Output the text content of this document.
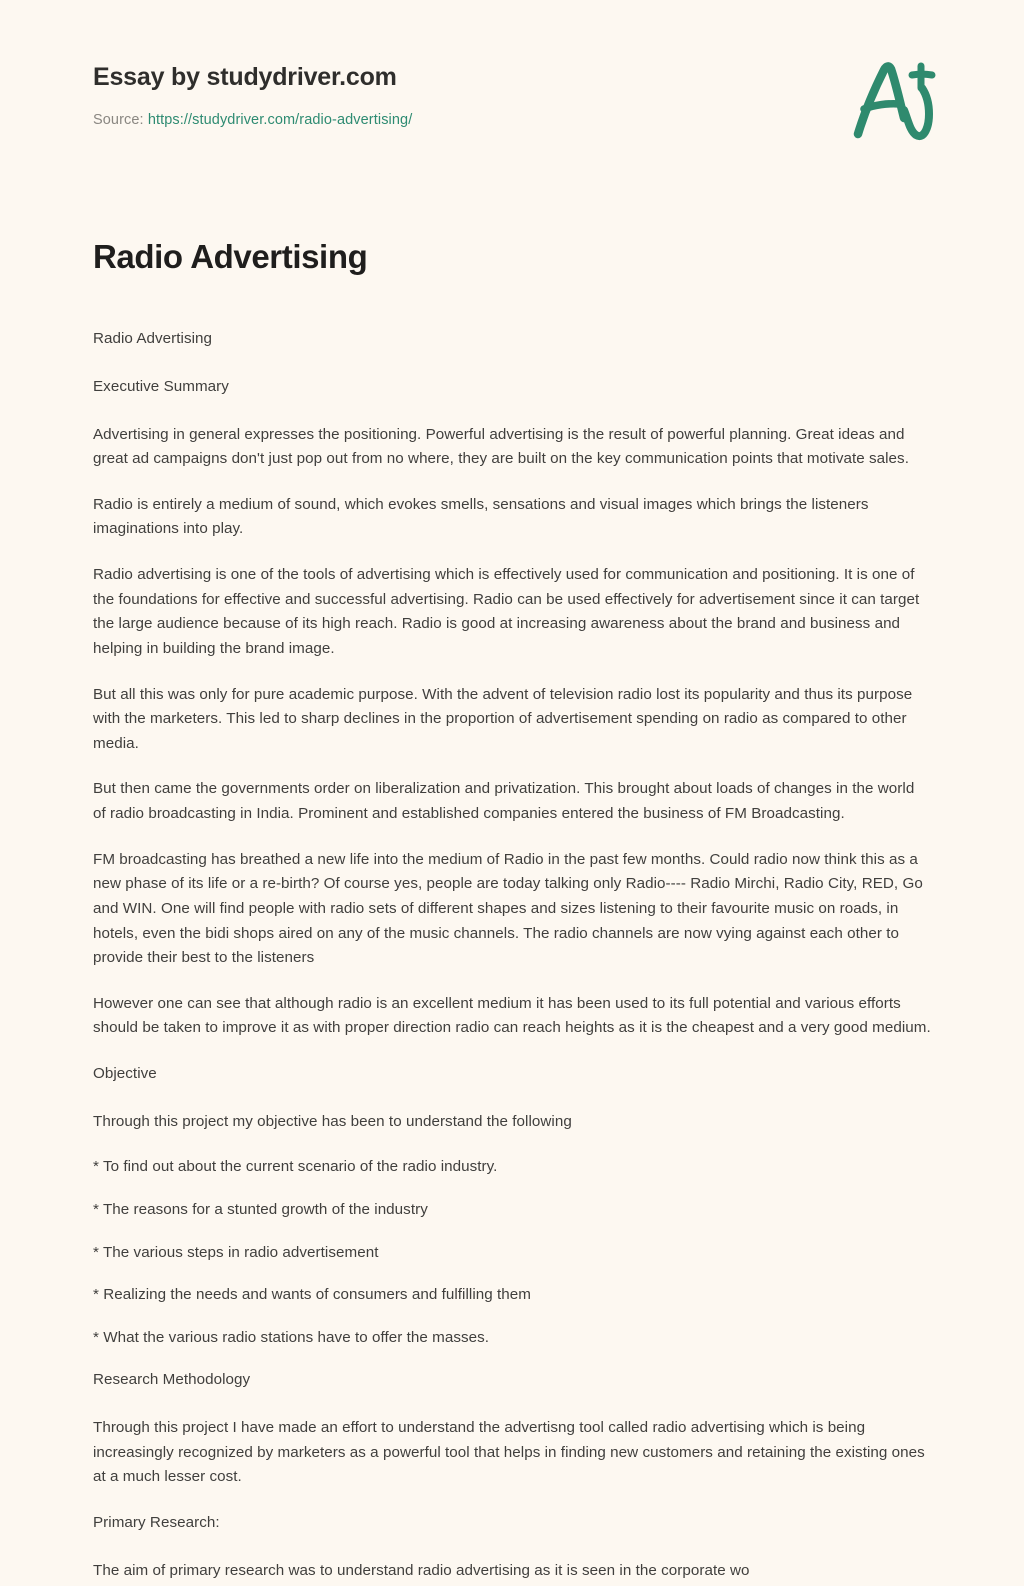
Essay by studydriver.com

Source: https://studydriver.com/radio-advertising/
Radio Advertising

Radio Advertising

Executive Summary

Advertising in general expresses the positioning. Powerful advertising is the result of powerful planning. Great ideas and great ad campaigns don't just pop out from no where, they are built on the key communication points that motivate sales.

Radio is entirely a medium of sound, which evokes smells, sensations and visual images which brings the listeners imaginations into play.

Radio advertising is one of the tools of advertising which is effectively used for communication and positioning. It is one of the foundations for effective and successful advertising. Radio can be used effectively for advertisement since it can target the large audience because of its high reach. Radio is good at increasing awareness about the brand and business and helping in building the brand image.

But all this was only for pure academic purpose. With the advent of television radio lost its popularity and thus its purpose with the marketers. This led to sharp declines in the proportion of advertisement spending on radio as compared to other media.

But then came the governments order on liberalization and privatization. This brought about loads of changes in the world of radio broadcasting in India. Prominent and established companies entered the business of FM Broadcasting.

FM broadcasting has breathed a new life into the medium of Radio in the past few months. Could radio now think this as a new phase of its life or a re-birth? Of course yes, people are today talking only Radio---- Radio Mirchi, Radio City, RED, Go and WIN. One will find people with radio sets of different shapes and sizes listening to their favourite music on roads, in hotels, even the bidi shops aired on any of the music channels. The radio channels are now vying against each other to provide their best to the listeners

However one can see that although radio is an excellent medium it has been used to its full potential and various efforts should be taken to improve it as with proper direction radio can reach heights as it is the cheapest and a very good medium.

Objective

Through this project my objective has been to understand the following

* To find out about the current scenario of the radio industry.

* The reasons for a stunted growth of the industry

* The various steps in radio advertisement

* Realizing the needs and wants of consumers and fulfilling them

* What the various radio stations have to offer the masses.

Research Methodology

Through this project I have made an effort to understand the advertisng tool called radio advertising which is being increasingly recognized by marketers as a powerful tool that helps in finding new customers and retaining the existing ones at a much lesser cost.

Primary Research:

The aim of primary research was to understand radio advertising as it is seen in the corporate wo
